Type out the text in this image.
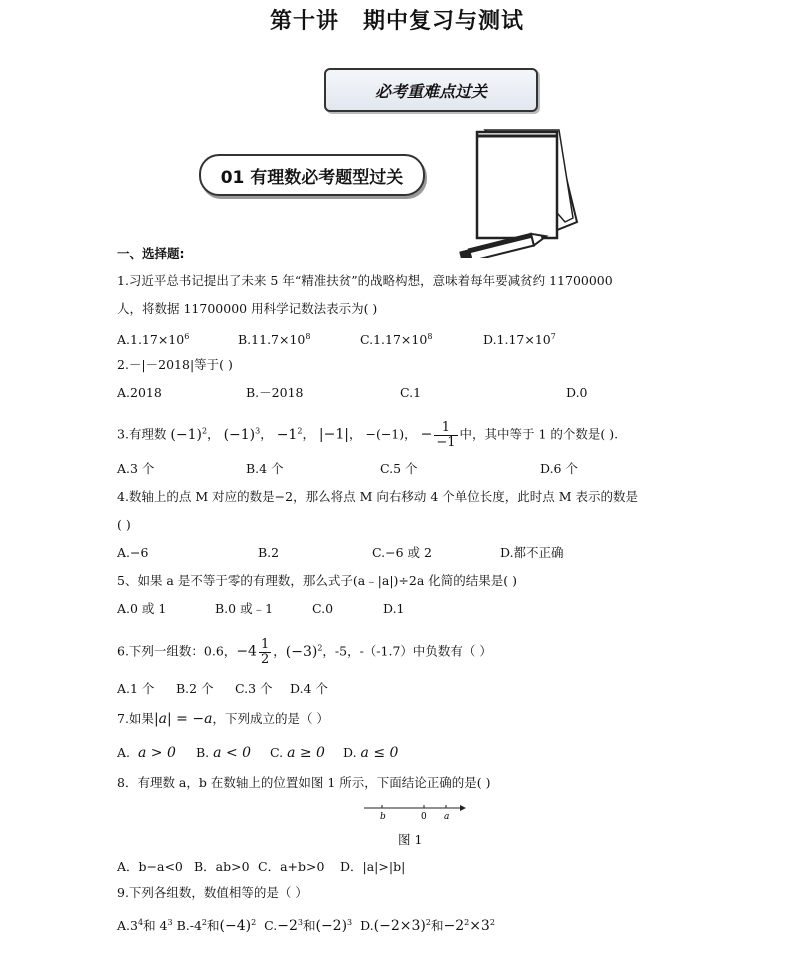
第十讲 期中复习与测试
必考重难点过关
01 有理数必考题型过关
一、选择题:
1.习近平总书记提出了未来 5 年“精准扶贫”的战略构想，意味着每年要减贫约 11700000
人，将数据 11700000 用科学记数法表示为( )
$A.1.17\times 10^6$	$B.11.7\times 10^8$	$C.1.17\times 10^8$	$D.1.17\times 10^7$
2.－|－2018|等于( )
A.2018	B.－2018	C.1	D.0
3.有理数 $(-1)^2$， $(-1)^3$， $-1^2$， |−1|， −(−1)， − $\frac{1}{-1}$ 中，其中等于 1 的个数是( ).
A.3 个	B.4 个	C.5 个	D.6 个
4.数轴上的点 M 对应的数是−2，那么将点 M 向右移动 4 个单位长度，此时点 M 表示的数是
( )
A.−6	B.2	C.−6 或 2	D.都不正确
5、如果 a 是不等于零的有理数，那么式子(a﹣|a|)÷2a 化简的结果是( )
A.0 或 1	B.0 或﹣1	C.0	D.1
6.下列一组数：0.6，$-4 \frac{1}{2}$ ，$(-3)^2$，-5，-（-1.7）中负数有（ ）
A.1 个 B.2 个 C.3 个 D.4 个
7.如果|a| = −a，下列成立的是（ ）
A. a > 0 B. a < 0 C. a ≥ 0 D. a ≤ 0
8．有理数 a，b 在数轴上的位置如图 1 所示，下面结论正确的是( )
b	0 a
图 1
A．b−a<0 B．ab>0 C．a+b>0 D．|a|>|b|
9.下列各组数，数值相等的是（ ）
$A.3^4$和 $4^3$ $B.-4^2$和$(-4)^2$ $C.-2^3$和$(-2)^3$ $D.(-2\times 3)^2$和$-2^2\times 3^2$
